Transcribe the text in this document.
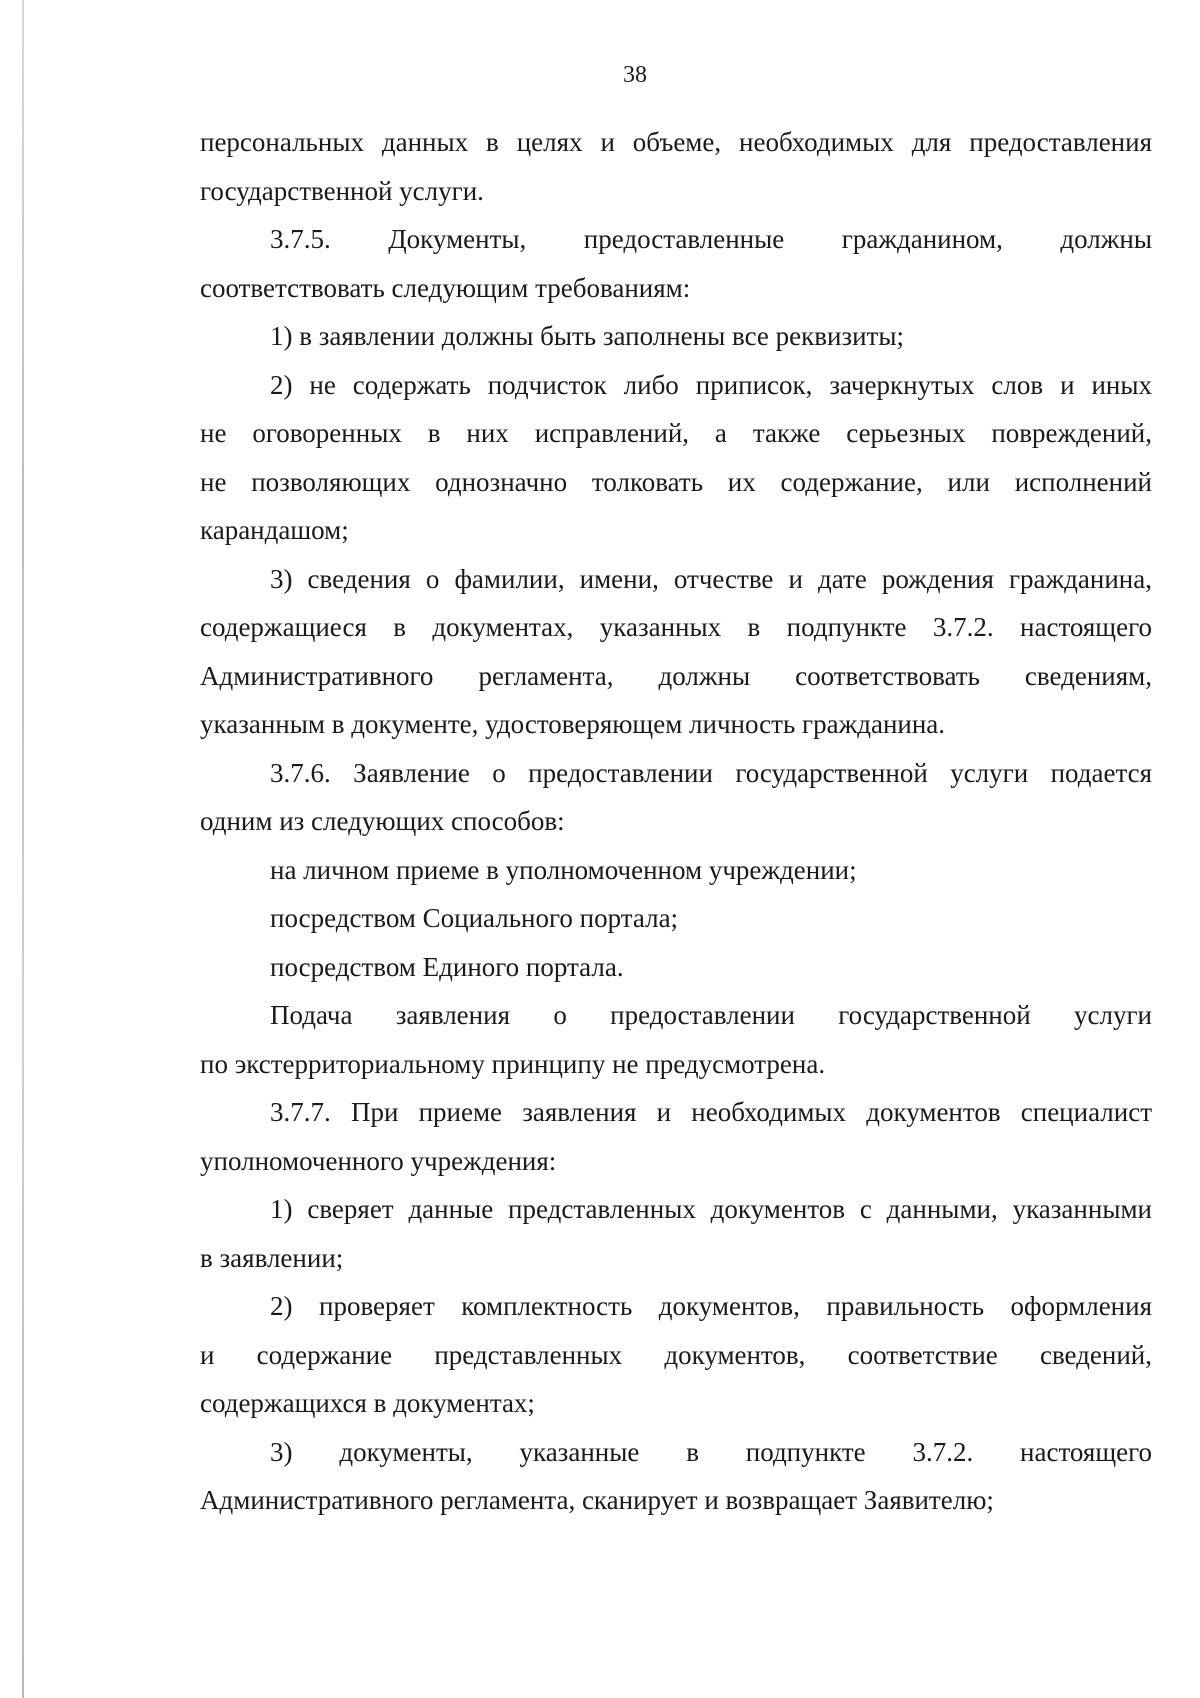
38
персональных данных в целях и объеме, необходимых для предоставления
государственной услуги.
3.7.5. Документы, предоставленные гражданином, должны
соответствовать следующим требованиям:
1) в заявлении должны быть заполнены все реквизиты;
2) не содержать подчисток либо приписок, зачеркнутых слов и иных
не оговоренных в них исправлений, а также серьезных повреждений,
не позволяющих однозначно толковать их содержание, или исполнений
карандашом;
3) сведения о фамилии, имени, отчестве и дате рождения гражданина,
содержащиеся в документах, указанных в подпункте 3.7.2. настоящего
Административного регламента, должны соответствовать сведениям,
указанным в документе, удостоверяющем личность гражданина.
3.7.6. Заявление о предоставлении государственной услуги подается
одним из следующих способов:
на личном приеме в уполномоченном учреждении;
посредством Социального портала;
посредством Единого портала.
Подача заявления о предоставлении государственной услуги
по экстерриториальному принципу не предусмотрена.
3.7.7. При приеме заявления и необходимых документов специалист
уполномоченного учреждения:
1) сверяет данные представленных документов с данными, указанными
в заявлении;
2) проверяет комплектность документов, правильность оформления
и содержание представленных документов, соответствие сведений,
содержащихся в документах;
3) документы, указанные в подпункте 3.7.2. настоящего
Административного регламента, сканирует и возвращает Заявителю;
